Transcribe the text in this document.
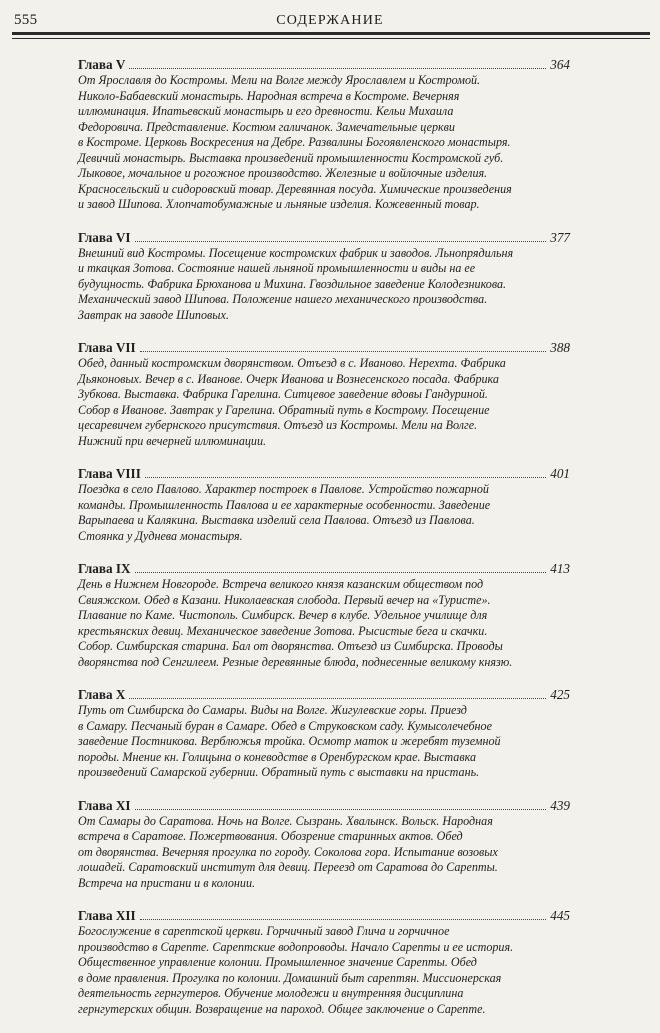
555	СОДЕРЖАНИЕ
Глава V	364
От Ярославля до Костромы. Мели на Волге между Ярославлем и Костромой.
Николо-Бабаевский монастырь. Народная встреча в Костроме. Вечерняя
иллюминация. Ипатьевский монастырь и его древности. Кельи Михаила
Федоровича. Представление. Костюм галичанок. Замечательные церкви
в Костроме. Церковь Воскресения на Дебре. Развалины Богоявленского монастыря.
Девичий монастырь. Выставка произведений промышленности Костромской губ.
Лыковое, мочальное и рогожное производство. Железные и войлочные изделия.
Красносельский и сидоровский товар. Деревянная посуда. Химические произведения
и завод Шипова. Хлопчатобумажные и льняные изделия. Кожевенный товар.
Глава VI	377
Внешний вид Костромы. Посещение костромских фабрик и заводов. Льнопрядильня
и ткацкая Зотова. Состояние нашей льняной промышленности и виды на ее
будущность. Фабрика Брюханова и Михина. Гвоздильное заведение Колодезникова.
Механический завод Шипова. Положение нашего механического производства.
Завтрак на заводе Шиповых.
Глава VII	388
Обед, данный костромским дворянством. Отъезд в с. Иваново. Нерехта. Фабрика
Дьяконовых. Вечер в с. Иванове. Очерк Иванова и Вознесенского посада. Фабрика
Зубкова. Выставка. Фабрика Гарелина. Ситцевое заведение вдовы Гандуриной.
Собор в Иванове. Завтрак у Гарелина. Обратный путь в Кострому. Посещение
цесаревичем губернского присутствия. Отъезд из Костромы. Мели на Волге.
Нижний при вечерней иллюминации.
Глава VIII	401
Поездка в село Павлово. Характер построек в Павлове. Устройство пожарной
команды. Промышленность Павлова и ее характерные особенности. Заведение
Варыпаева и Калякина. Выставка изделий села Павлова. Отъезд из Павлова.
Стоянка у Дуднева монастыря.
Глава IX	413
День в Нижнем Новгороде. Встреча великого князя казанским обществом под
Свияжском. Обед в Казани. Николаевская слобода. Первый вечер на «Туристе».
Плавание по Каме. Чистополь. Симбирск. Вечер в клубе. Удельное училище для
крестьянских девиц. Механическое заведение Зотова. Рысистые бега и скачки.
Собор. Симбирская старина. Бал от дворянства. Отъезд из Симбирска. Проводы
дворянства под Сенгилеем. Резные деревянные блюда, поднесенные великому князю.
Глава X	425
Путь от Симбирска до Самары. Виды на Волге. Жигулевские горы. Приезд
в Самару. Песчаный буран в Самаре. Обед в Струковском саду. Кумысолечебное
заведение Постникова. Верблюжья тройка. Осмотр маток и жеребят туземной
породы. Мнение кн. Голицына о коневодстве в Оренбургском крае. Выставка
произведений Самарской губернии. Обратный путь с выставки на пристань.
Глава XI	439
От Самары до Саратова. Ночь на Волге. Сызрань. Хвалынск. Вольск. Народная
встреча в Саратове. Пожертвования. Обозрение старинных актов. Обед
от дворянства. Вечерняя прогулка по городу. Соколова гора. Испытание возовых
лошадей. Саратовский институт для девиц. Переезд от Саратова до Сарепты.
Встреча на пристани и в колонии.
Глава XII	445
Богослужение в сарептской церкви. Горчичный завод Глича и горчичное
производство в Сарепте. Сарептские водопроводы. Начало Сарепты и ее история.
Общественное управление колонии. Промышленное значение Сарепты. Обед
в доме правления. Прогулка по колонии. Домашний быт сарептян. Миссионерская
деятельность гернгутеров. Обучение молодежи и внутренняя дисциплина
гернгутерских общин. Возвращение на пароход. Общее заключение о Сарепте.
